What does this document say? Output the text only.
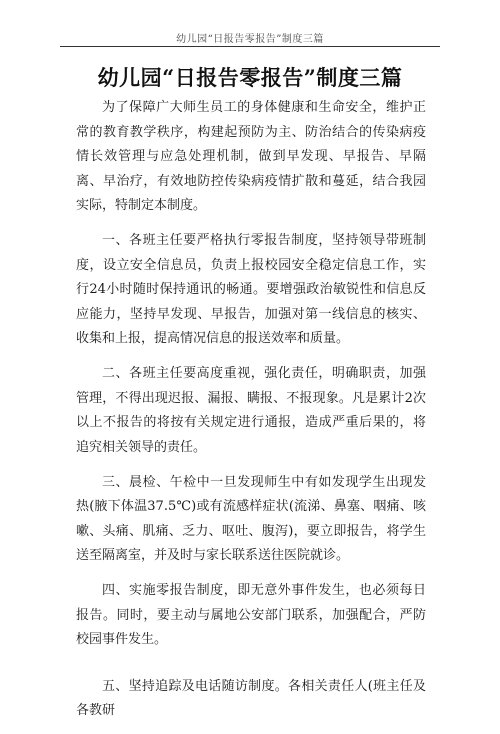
幼儿园“日报告零报告”制度三篇
幼儿园“日报告零报告”制度三篇

为了保障广大师生员工的身体健康和生命安全，维护正常的教育教学秩序，构建起预防为主、防治结合的传染病疫情长效管理与应急处理机制，做到早发现、早报告、早隔离、早治疗，有效地防控传染病疫情扩散和蔓延，结合我园实际，特制定本制度。

一、各班主任要严格执行零报告制度，坚持领导带班制度，设立安全信息员，负责上报校园安全稳定信息工作，实行24小时随时保持通讯的畅通。要增强政治敏锐性和信息反应能力，坚持早发现、早报告，加强对第一线信息的核实、收集和上报，提高情况信息的报送效率和质量。

二、各班主任要高度重视，强化责任，明确职责，加强管理，不得出现迟报、漏报、瞒报、不报现象。凡是累计2次以上不报告的将按有关规定进行通报，造成严重后果的，将追究相关领导的责任。

三、晨检、午检中一旦发现师生中有如发现学生出现发热(腋下体温37.5℃)或有流感样症状(流涕、鼻塞、咽痛、咳嗽、头痛、肌痛、乏力、呕吐、腹泻)，要立即报告，将学生送至隔离室，并及时与家长联系送往医院就诊。

四、实施零报告制度，即无意外事件发生，也必须每日报告。同时，要主动与属地公安部门联系，加强配合，严防校园事件发生。

五、坚持追踪及电话随访制度。各相关责任人(班主任及各教研
